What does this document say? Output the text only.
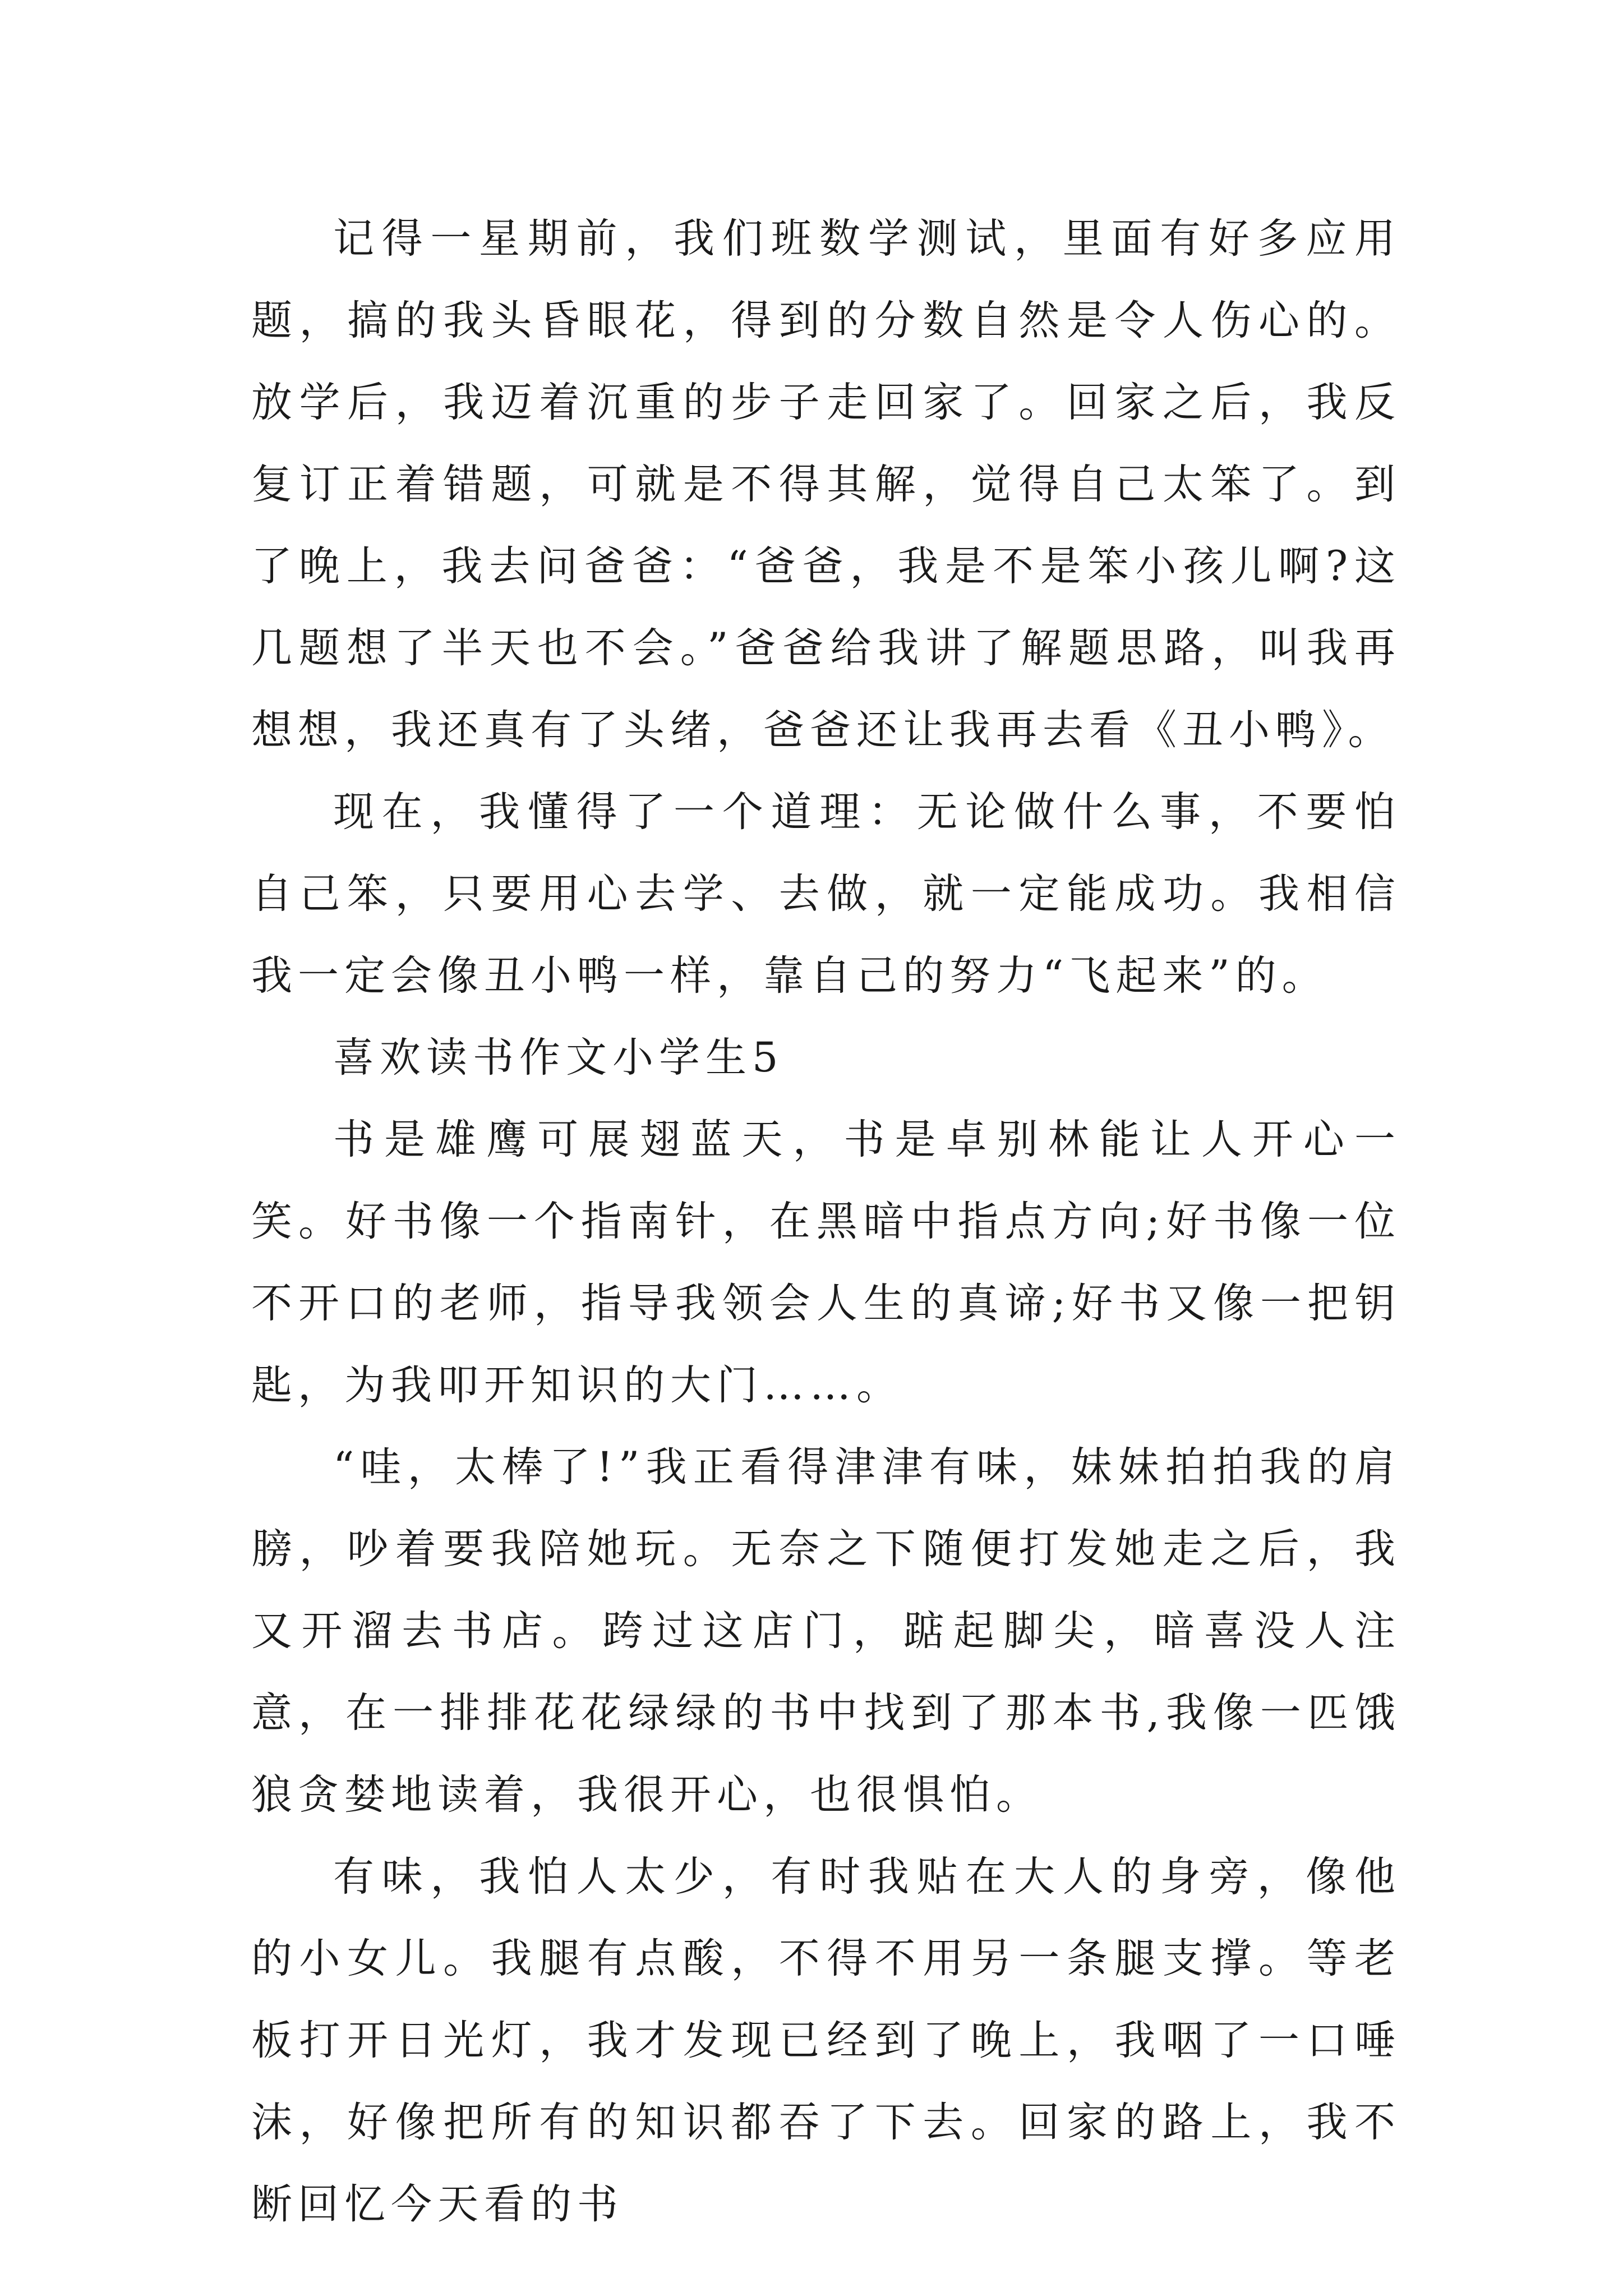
记得一星期前，我们班数学测试，里面有好多应用题，搞的我头昏眼花，得到的分数自然是令人伤心的。放学后，我迈着沉重的步子走回家了。回家之后，我反复订正着错题，可就是不得其解，觉得自己太笨了。到了晚上，我去问爸爸：“爸爸，我是不是笨小孩儿啊?这几题想了半天也不会。”爸爸给我讲了解题思路，叫我再想想，我还真有了头绪，爸爸还让我再去看《丑小鸭》。

现在，我懂得了一个道理：无论做什么事，不要怕自己笨，只要用心去学、去做，就一定能成功。我相信我一定会像丑小鸭一样，靠自己的努力“飞起来”的。

喜欢读书作文小学生5

书是雄鹰可展翅蓝天，书是卓别林能让人开心一笑。好书像一个指南针，在黑暗中指点方向;好书像一位不开口的老师，指导我领会人生的真谛;好书又像一把钥匙，为我叩开知识的大门……。

“哇，太棒了!”我正看得津津有味，妹妹拍拍我的肩膀，吵着要我陪她玩。无奈之下随便打发她走之后，我又开溜去书店。跨过这店门，踮起脚尖，暗喜没人注意，在一排排花花绿绿的书中找到了那本书,我像一匹饿狼贪婪地读着，我很开心，也很惧怕。

有味，我怕人太少，有时我贴在大人的身旁，像他的小女儿。我腿有点酸，不得不用另一条腿支撑。等老板打开日光灯，我才发现已经到了晚上，我咽了一口唾沫，好像把所有的知识都吞了下去。回家的路上，我不断回忆今天看的书
